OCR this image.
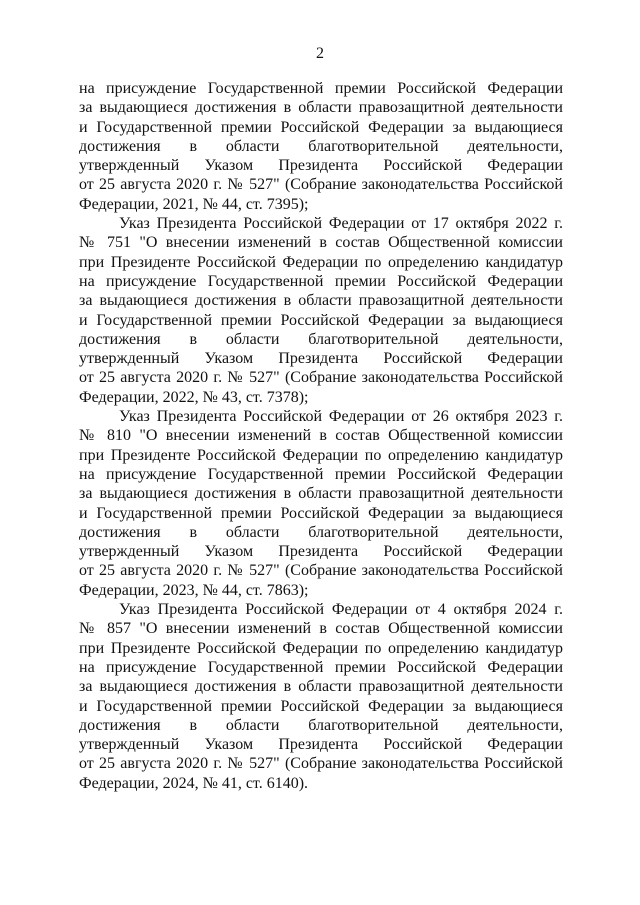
2
на присуждение Государственной премии Российской Федерации
за выдающиеся достижения в области правозащитной деятельности
и Государственной премии Российской Федерации за выдающиеся
достижения в области благотворительной деятельности,
утвержденный Указом Президента Российской Федерации
от 25 августа 2020 г. № 527" (Собрание законодательства Российской
Федерации, 2021, № 44, ст. 7395);
Указ Президента Российской Федерации от 17 октября 2022 г.
№ 751 "О внесении изменений в состав Общественной комиссии
при Президенте Российской Федерации по определению кандидатур
на присуждение Государственной премии Российской Федерации
за выдающиеся достижения в области правозащитной деятельности
и Государственной премии Российской Федерации за выдающиеся
достижения в области благотворительной деятельности,
утвержденный Указом Президента Российской Федерации
от 25 августа 2020 г. № 527" (Собрание законодательства Российской
Федерации, 2022, № 43, ст. 7378);
Указ Президента Российской Федерации от 26 октября 2023 г.
№ 810 "О внесении изменений в состав Общественной комиссии
при Президенте Российской Федерации по определению кандидатур
на присуждение Государственной премии Российской Федерации
за выдающиеся достижения в области правозащитной деятельности
и Государственной премии Российской Федерации за выдающиеся
достижения в области благотворительной деятельности,
утвержденный Указом Президента Российской Федерации
от 25 августа 2020 г. № 527" (Собрание законодательства Российской
Федерации, 2023, № 44, ст. 7863);
Указ Президента Российской Федерации от 4 октября 2024 г.
№ 857 "О внесении изменений в состав Общественной комиссии
при Президенте Российской Федерации по определению кандидатур
на присуждение Государственной премии Российской Федерации
за выдающиеся достижения в области правозащитной деятельности
и Государственной премии Российской Федерации за выдающиеся
достижения в области благотворительной деятельности,
утвержденный Указом Президента Российской Федерации
от 25 августа 2020 г. № 527" (Собрание законодательства Российской
Федерации, 2024, № 41, ст. 6140).
